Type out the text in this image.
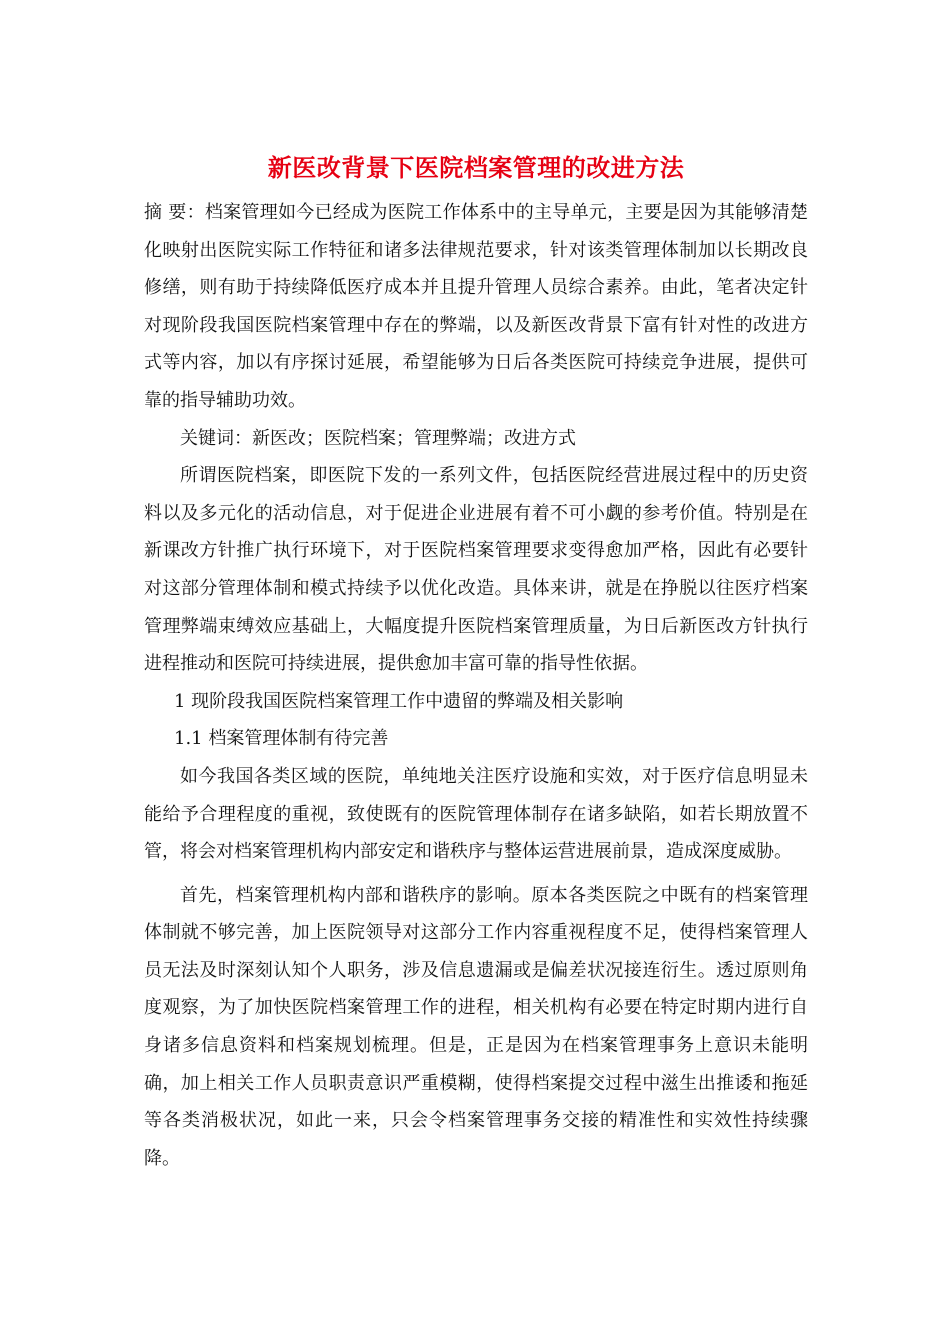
新医改背景下医院档案管理的改进方法

摘 要：档案管理如今已经成为医院工作体系中的主导单元，主要是因为其能够清楚化映射出医院实际工作特征和诸多法律规范要求，针对该类管理体制加以长期改良修缮，则有助于持续降低医疗成本并且提升管理人员综合素养。由此，笔者决定针对现阶段我国医院档案管理中存在的弊端，以及新医改背景下富有针对性的改进方式等内容，加以有序探讨延展，希望能够为日后各类医院可持续竞争进展，提供可靠的指导辅助功效。

关键词：新医改；医院档案；管理弊端；改进方式

所谓医院档案，即医院下发的一系列文件，包括医院经营进展过程中的历史资料以及多元化的活动信息，对于促进企业进展有着不可小觑的参考价值。特别是在新课改方针推广执行环境下，对于医院档案管理要求变得愈加严格，因此有必要针对这部分管理体制和模式持续予以优化改造。具体来讲，就是在挣脱以往医疗档案管理弊端束缚效应基础上，大幅度提升医院档案管理质量，为日后新医改方针执行进程推动和医院可持续进展，提供愈加丰富可靠的指导性依据。

1 现阶段我国医院档案管理工作中遗留的弊端及相关影响

1.1 档案管理体制有待完善

如今我国各类区域的医院，单纯地关注医疗设施和实效，对于医疗信息明显未能给予合理程度的重视，致使既有的医院管理体制存在诸多缺陷，如若长期放置不管，将会对档案管理机构内部安定和谐秩序与整体运营进展前景，造成深度威胁。

首先，档案管理机构内部和谐秩序的影响。原本各类医院之中既有的档案管理体制就不够完善，加上医院领导对这部分工作内容重视程度不足，使得档案管理人员无法及时深刻认知个人职务，涉及信息遗漏或是偏差状况接连衍生。透过原则角度观察，为了加快医院档案管理工作的进程，相关机构有必要在特定时期内进行自身诸多信息资料和档案规划梳理。但是，正是因为在档案管理事务上意识未能明确，加上相关工作人员职责意识严重模糊，使得档案提交过程中滋生出推诿和拖延等各类消极状况，如此一来，只会令档案管理事务交接的精准性和实效性持续骤降。
